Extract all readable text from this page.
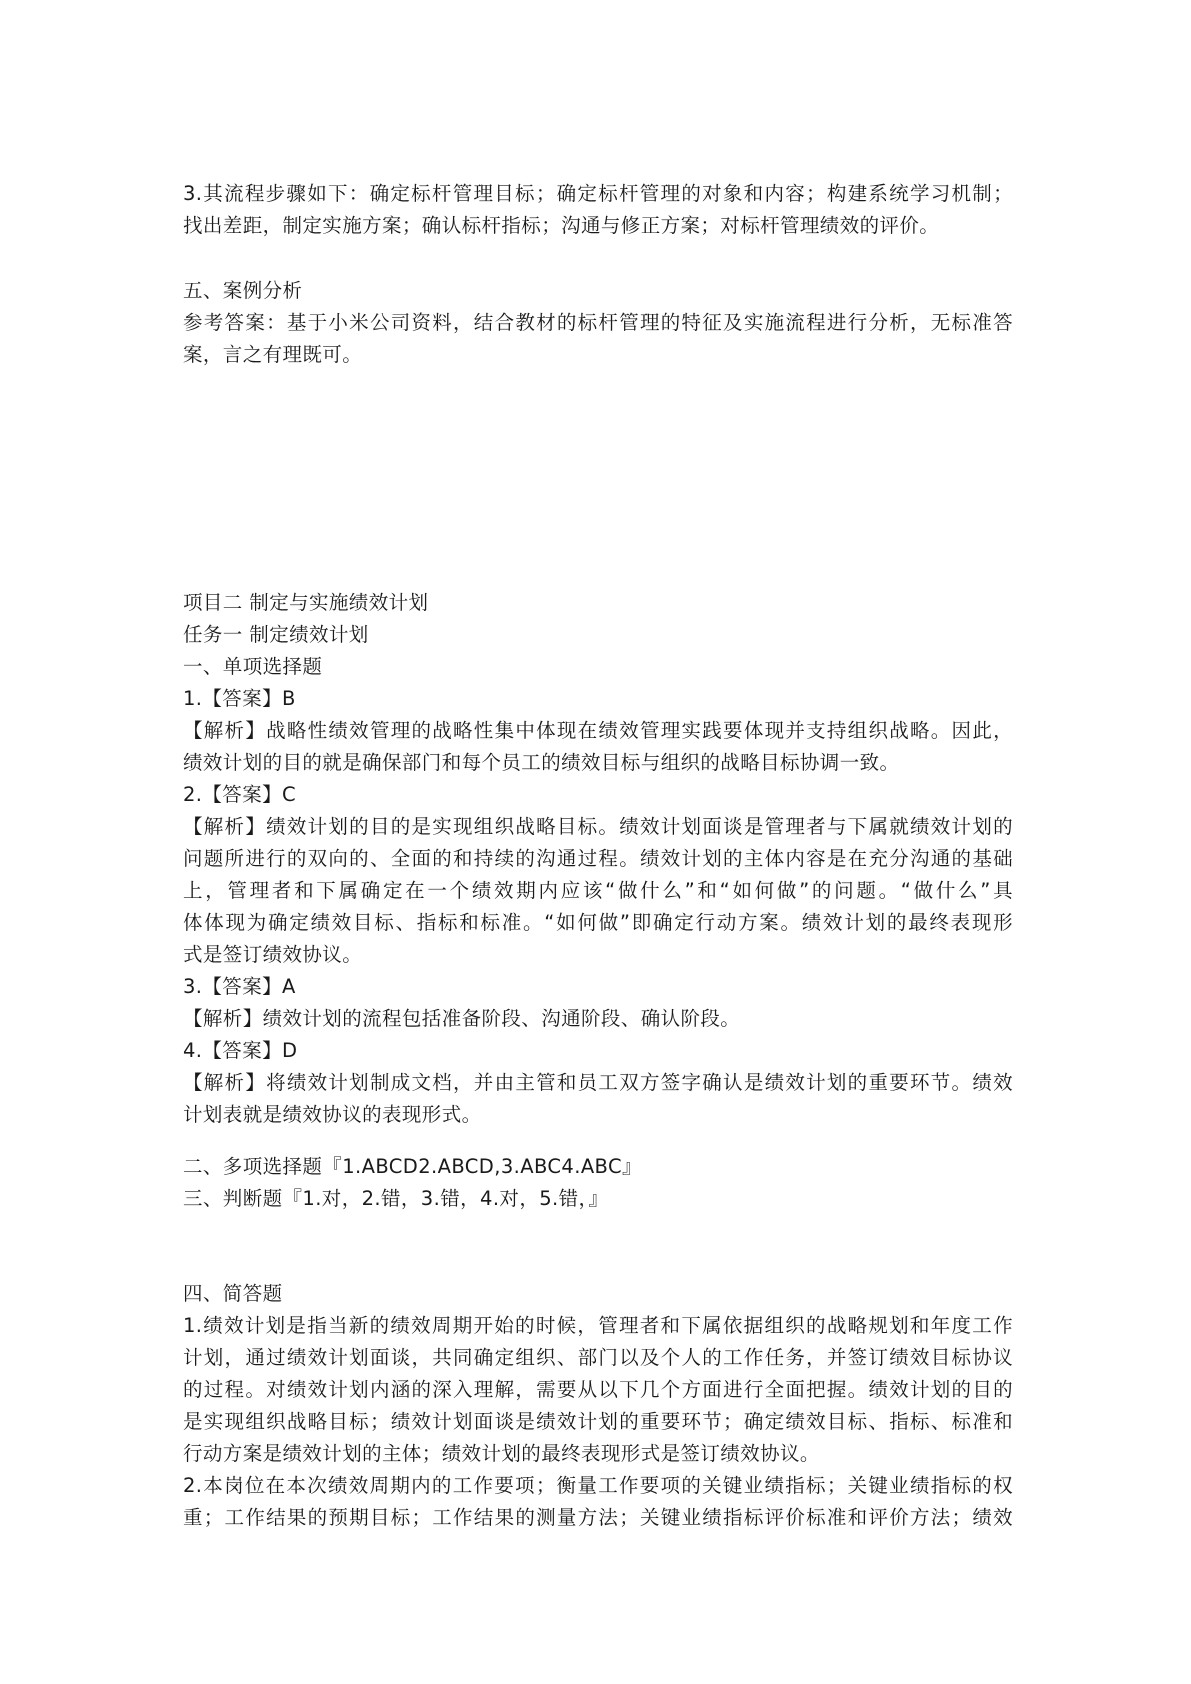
3.其流程步骤如下：确定标杆管理目标；确定标杆管理的对象和内容；构建系统学习机制；
找出差距，制定实施方案；确认标杆指标；沟通与修正方案；对标杆管理绩效的评价。
五、案例分析
参考答案：基于小米公司资料，结合教材的标杆管理的特征及实施流程进行分析，无标准答
案，言之有理既可。
项目二 制定与实施绩效计划
任务一 制定绩效计划
一、单项选择题
1.【答案】B
【解析】战略性绩效管理的战略性集中体现在绩效管理实践要体现并支持组织战略。因此，
绩效计划的目的就是确保部门和每个员工的绩效目标与组织的战略目标协调一致。
2.【答案】C
【解析】绩效计划的目的是实现组织战略目标。绩效计划面谈是管理者与下属就绩效计划的
问题所进行的双向的、全面的和持续的沟通过程。绩效计划的主体内容是在充分沟通的基础
上，管理者和下属确定在一个绩效期内应该“做什么”和“如何做”的问题。“做什么”具
体体现为确定绩效目标、指标和标准。“如何做”即确定行动方案。绩效计划的最终表现形
式是签订绩效协议。
3.【答案】A
【解析】绩效计划的流程包括准备阶段、沟通阶段、确认阶段。
4.【答案】D
【解析】将绩效计划制成文档，并由主管和员工双方签字确认是绩效计划的重要环节。绩效
计划表就是绩效协议的表现形式。
二、多项选择题『1.ABCD2.ABCD,3.ABC4.ABC』
三、判断题『1.对，2.错，3.错，4.对，5.错，』
四、简答题
1.绩效计划是指当新的绩效周期开始的时候，管理者和下属依据组织的战略规划和年度工作
计划，通过绩效计划面谈，共同确定组织、部门以及个人的工作任务，并签订绩效目标协议
的过程。对绩效计划内涵的深入理解，需要从以下几个方面进行全面把握。绩效计划的目的
是实现组织战略目标；绩效计划面谈是绩效计划的重要环节；确定绩效目标、指标、标准和
行动方案是绩效计划的主体；绩效计划的最终表现形式是签订绩效协议。
2.本岗位在本次绩效周期内的工作要项；衡量工作要项的关键业绩指标；关键业绩指标的权
重；工作结果的预期目标；工作结果的测量方法；关键业绩指标评价标准和评价方法；绩效
